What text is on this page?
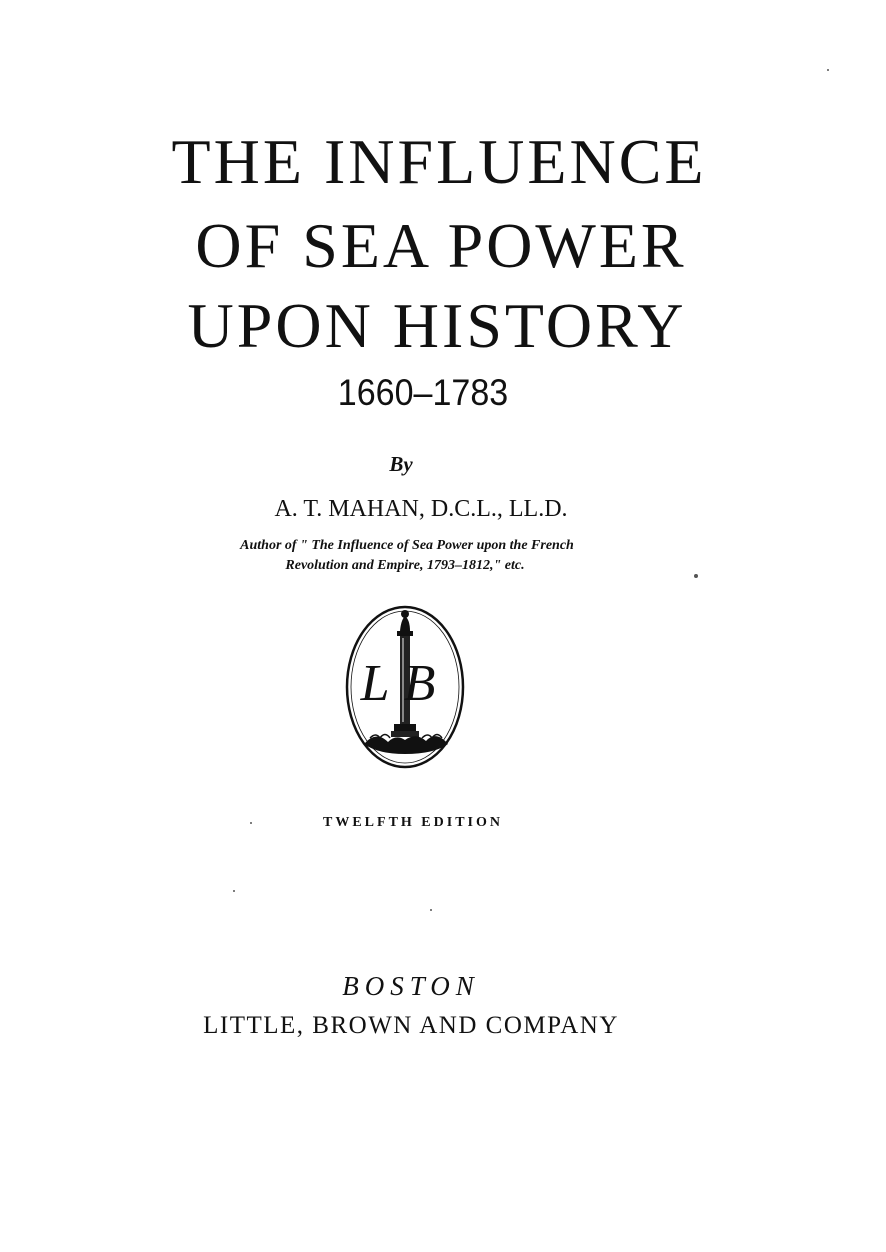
THE INFLUENCE
OF SEA POWER
UPON HISTORY
1660–1783
By
A. T. MAHAN, D.C.L., LL.D.
Author of " The Influence of Sea Power upon the French
Revolution and Empire, 1793–1812," etc.
LB
TWELFTH EDITION
BOSTON
LITTLE, BROWN AND COMPANY
